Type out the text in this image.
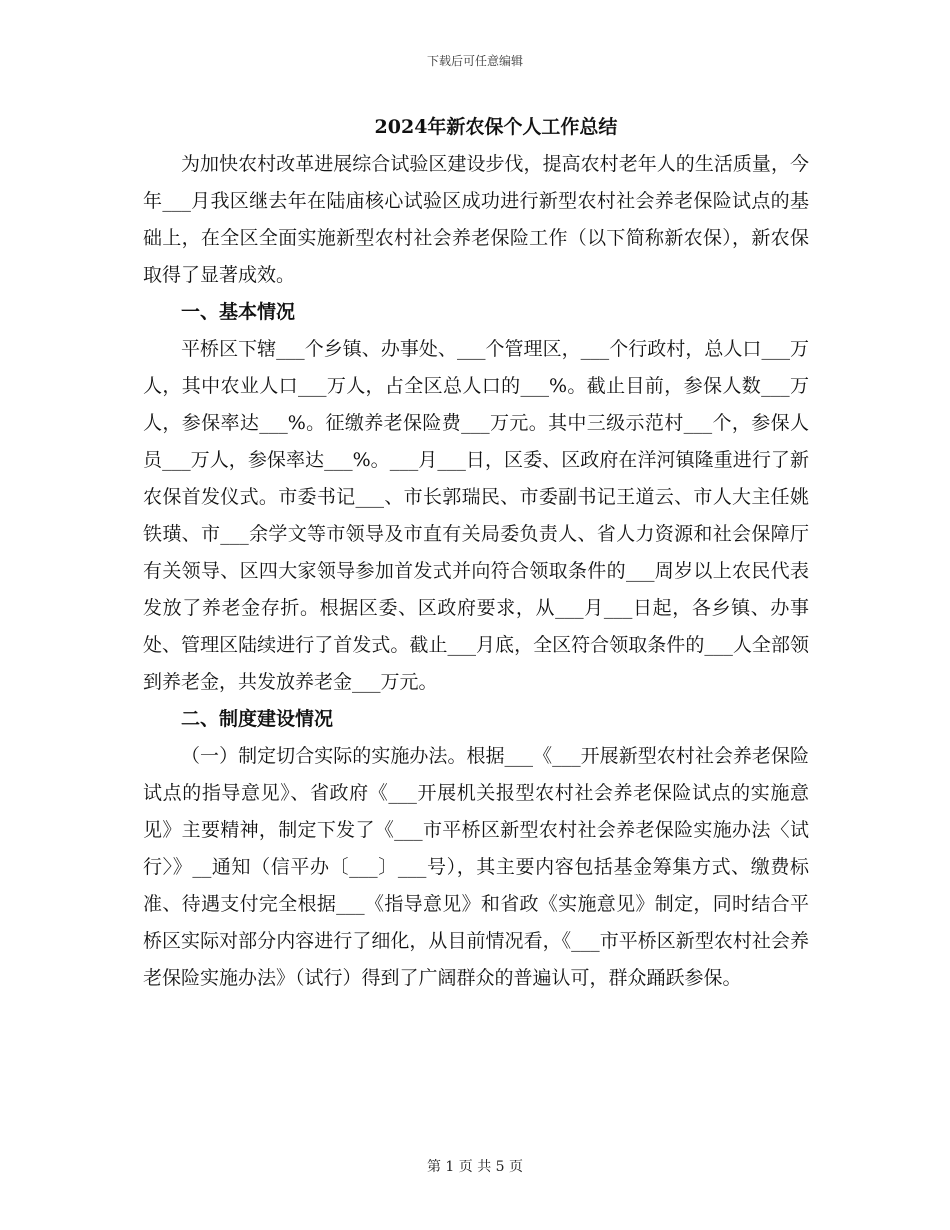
下载后可任意编辑
2024年新农保个人工作总结

为加快农村改革进展综合试验区建设步伐，提高农村老年人的生活质量，今年___月我区继去年在陆庙核心试验区成功进行新型农村社会养老保险试点的基础上，在全区全面实施新型农村社会养老保险工作（以下简称新农保），新农保取得了显著成效。

一、基本情况

平桥区下辖___个乡镇、办事处、___个管理区，___个行政村，总人口___万人，其中农业人口___万人，占全区总人口的___%。截止目前，参保人数___万人，参保率达___%。征缴养老保险费___万元。其中三级示范村___个，参保人员___万人，参保率达___%。___月___日，区委、区政府在洋河镇隆重进行了新农保首发仪式。市委书记___、市长郭瑞民、市委副书记王道云、市人大主任姚铁璜、市___余学文等市领导及市直有关局委负责人、省人力资源和社会保障厅有关领导、区四大家领导参加首发式并向符合领取条件的___周岁以上农民代表发放了养老金存折。根据区委、区政府要求，从___月___日起，各乡镇、办事处、管理区陆续进行了首发式。截止___月底，全区符合领取条件的___人全部领到养老金，共发放养老金___万元。

二、制度建设情况

（一）制定切合实际的实施办法。根据___《___开展新型农村社会养老保险试点的指导意见》、省政府《___开展机关报型农村社会养老保险试点的实施意见》主要精神，制定下发了《___市平桥区新型农村社会养老保险实施办法〈试行〉》__通知（信平办〔___〕___号），其主要内容包括基金筹集方式、缴费标准、待遇支付完全根据___《指导意见》和省政《实施意见》制定，同时结合平桥区实际对部分内容进行了细化，从目前情况看，《___市平桥区新型农村社会养老保险实施办法》（试行）得到了广阔群众的普遍认可，群众踊跃参保。

第 1 页 共 5 页
